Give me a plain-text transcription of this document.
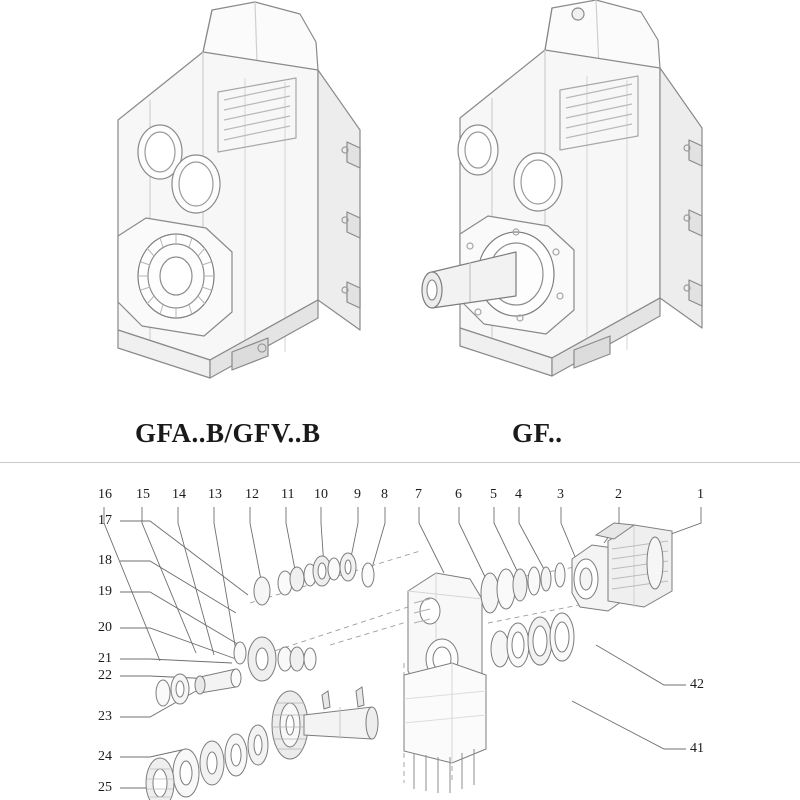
GFA..B/GFV..B	GF..
16 15 14 13 12 11 10 9 8 7 6 5 4	3	2	1
17
18
19
20
21
22
23
24
25
42
41
